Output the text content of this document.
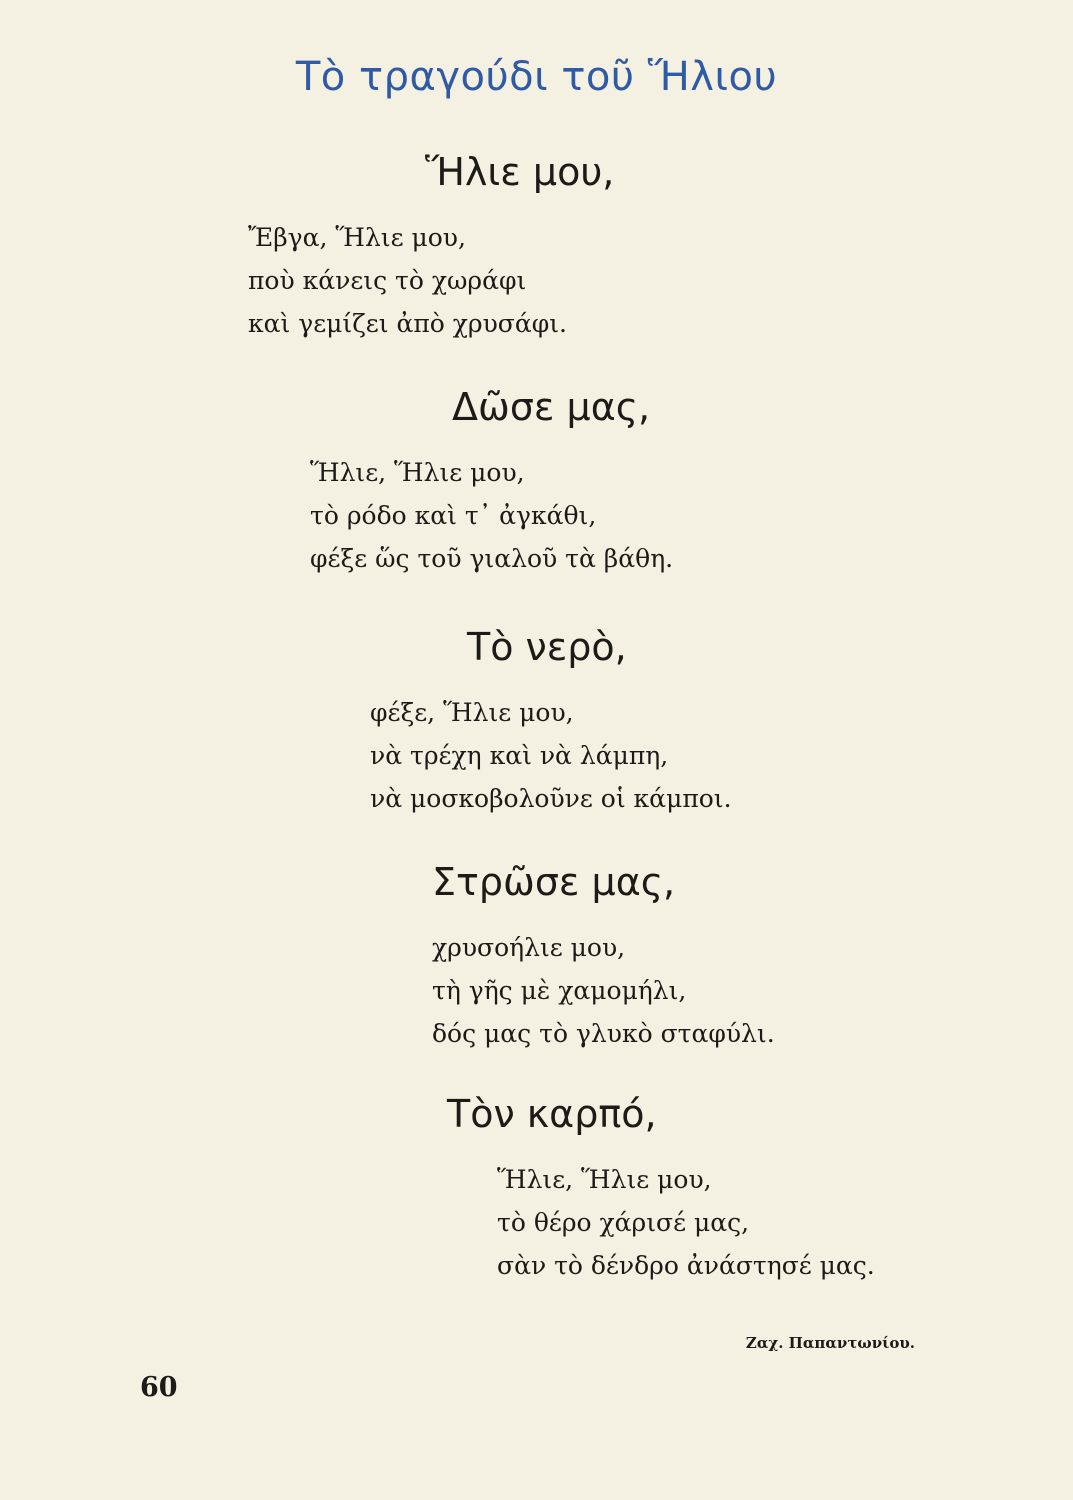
Τὸ τραγούδι τοῦ Ἥλιου
Ἥλιε μου,
Ἔβγα, Ἥλιε μου,
ποὺ κάνεις τὸ χωράφι
καὶ γεμίζει ἀπὸ χρυσάφι.
Δῶσε μας,
Ἥλιε, Ἥλιε μου,
τὸ ρόδο καὶ τ᾿ ἀγκάθι,
φέξε ὥς τοῦ γιαλοῦ τὰ βάθη.
Τὸ νερὸ,
φέξε, Ἥλιε μου,
νὰ τρέχη καὶ νὰ λάμπη,
νὰ μοσκοβολοῦνε οἱ κάμποι.
Στρῶσε μας,
χρυσοήλιε μου,
τὴ γῆς μὲ χαμομήλι,
δός μας τὸ γλυκὸ σταφύλι.
Τὸν καρπό,
Ἥλιε, Ἥλιε μου,
τὸ θέρο χάρισέ μας,
σὰν τὸ δένδρο ἀνάστησέ μας.
Ζαχ. Παπαντωνίου.
60
